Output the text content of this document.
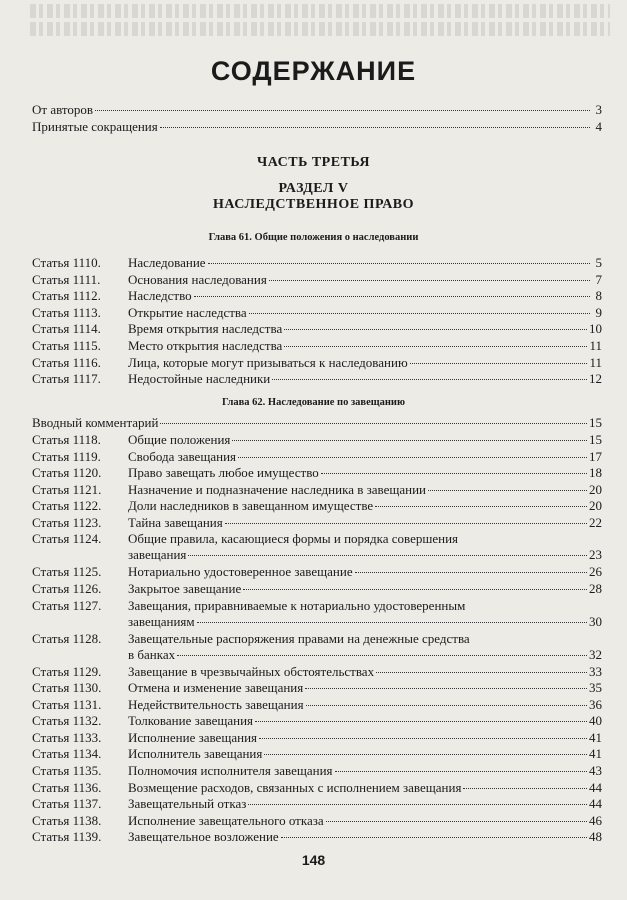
СОДЕРЖАНИЕ
От авторов	3
Принятые сокращения	4
ЧАСТЬ ТРЕТЬЯ
РАЗДЕЛ V
НАСЛЕДСТВЕННОЕ ПРАВО
Глава 61. Общие положения о наследовании
Статья 1110. Наследование	5
Статья 1111. Основания наследования	7
Статья 1112. Наследство	8
Статья 1113. Открытие наследства	9
Статья 1114. Время открытия наследства	10
Статья 1115. Место открытия наследства	11
Статья 1116. Лица, которые могут призываться к наследованию	11
Статья 1117. Недостойные наследники	12
Глава 62. Наследование по завещанию
Вводный комментарий	15
Статья 1118. Общие положения	15
Статья 1119. Свобода завещания	17
Статья 1120. Право завещать любое имущество	18
Статья 1121. Назначение и подназначение наследника в завещании	20
Статья 1122. Доли наследников в завещанном имуществе	20
Статья 1123. Тайна завещания	22
Статья 1124. Общие правила, касающиеся формы и порядка совершения
завещания	23
Статья 1125. Нотариально удостоверенное завещание	26
Статья 1126. Закрытое завещание	28
Статья 1127. Завещания, приравниваемые к нотариально удостоверенным
завещаниям	30
Статья 1128. Завещательные распоряжения правами на денежные средства
в банках	32
Статья 1129. Завещание в чрезвычайных обстоятельствах	33
Статья 1130. Отмена и изменение завещания	35
Статья 1131. Недействительность завещания	36
Статья 1132. Толкование завещания	40
Статья 1133. Исполнение завещания	41
Статья 1134. Исполнитель завещания	41
Статья 1135. Полномочия исполнителя завещания	43
Статья 1136. Возмещение расходов, связанных с исполнением завещания	44
Статья 1137. Завещательный отказ	44
Статья 1138. Исполнение завещательного отказа	46
Статья 1139. Завещательное возложение	48
148
